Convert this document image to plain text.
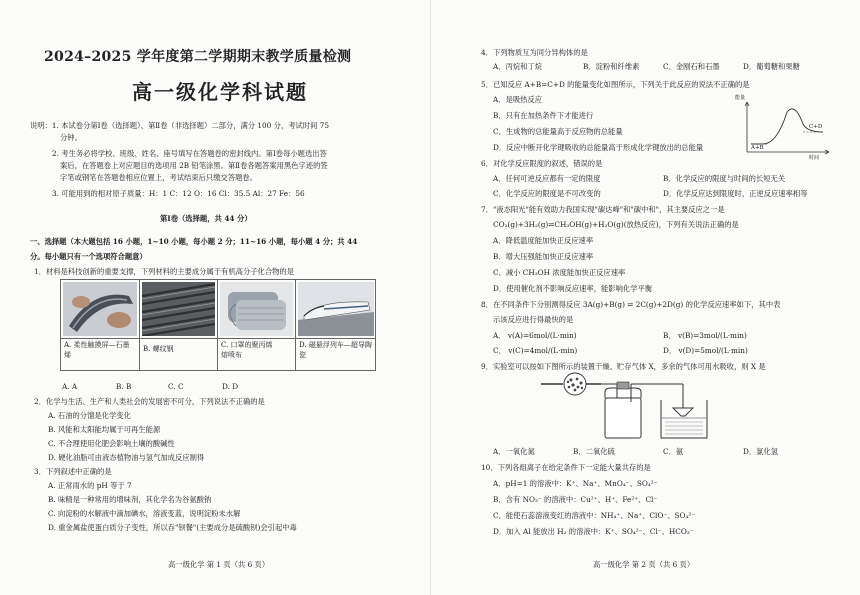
2024–2025 学年度第二学期期末教学质量检测
高一级化学科试题
说明：1. 本试卷分第Ⅰ卷（选择题）、第Ⅱ卷（非选择题）二部分，满分 100 分，考试时间 75
分钟。
2. 考生务必将学校、班级、姓名、座号填写在答题卷的密封线内。第Ⅰ卷每小题选出答
案后，在答题卷上对应题目的选项用 2B 铅笔涂黑。第Ⅱ卷各题答案用黑色字迹的签
字笔或钢笔在答题卷相应位置上，考试结束后只缴交答题卷。
3. 可能用到的相对原子质量：H：1 C：12 O：16 Cl：35.5 Al：27 Fe：56
第Ⅰ卷（选择题，共 44 分）
一、选择题（本大题包括 16 小题，1~10 小题，每小题 2 分；11~16 小题，每小题 4 分；共 44
分。每小题只有一个选项符合题意）
1．材料是科技创新的重要支撑，下列材料的主要成分属于有机高分子化合物的是
A. 柔性触摸屏—石墨
烯
B. 螺纹钢	C. 口罩的聚丙烯
熔喷布
D. 磁悬浮列车—超导陶
瓷
A. A	B. B	C. C	D. D
2．化学与生活、生产和人类社会的发展密不可分，下列说法不正确的是
A. 石油的分馏是化学变化
B. 风能和太阳能均属于可再生能源
C. 不合理使用化肥会影响土壤的酸碱性
D. 硬化油脂可由液态植物油与氢气加成反应制得
3．下列叙述中正确的是
A. 正常雨水的 pH 等于 7
B. 味精是一种常用的增味剂，其化学名为谷氨酸钠
C. 向淀粉的水解液中滴加碘水，溶液变蓝，说明淀粉未水解
D. 重金属盐使蛋白质分子变性，所以吞"钡餐"(主要成分是硫酸钡)会引起中毒
高一级化学 第 1 页（共 6 页）
4．下列物质互为同分异构体的是
A．丙烷和丁烷	B．淀粉和纤维素	C．金刚石和石墨	D．葡萄糖和果糖
5．已知反应 A+B=C+D 的能量变化如图所示，下列关于此反应的说法不正确的是
A．是吸热反应
B．只有在加热条件下才能进行
C．生成物的总能量高于反应物的总能量
D．反应中断开化学键吸收的总能量高于形成化学键放出的总能量
能量
时间
A+B
C+D
6．对化学反应限度的叙述，错误的是
A．任何可逆反应都有一定的限度	B．化学反应的限度与时间的长短无关
C．化学反应的限度是不可改变的	D．化学反应达到限度时，正逆反应速率相等
7．"液态阳光"能有效助力我国实现"碳达峰"和"碳中和"，其主要反应之一是
CO₂(g)+3H₂(g)⇌CH₃OH(g)+H₂O(g)(放热反应)，下列有关说法正确的是
A．降低温度能加快正反应速率
B．增大压强能加快正反应速率
C．减小 CH₃OH 浓度能加快正反应速率
D．使用催化剂不影响反应速率，能影响化学平衡
8．在不同条件下分别测得反应 3A(g)+B(g) ⇌ 2C(g)+2D(g) 的化学反应速率如下，其中表
示该反应进行得最快的是
A． v(A)=6mol/(L·min)	B． v(B)=3mol/(L·min)
C． v(C)=4mol/(L·min)	D． v(D)=5mol/(L·min)
9．实验室可以按如下图所示的装置干燥、贮存气体 X，多余的气体可用水吸收，则 X 是
A．一氧化氮	B．二氧化硫	C．氨	D．氯化氢
10．下列各组离子在给定条件下一定能大量共存的是
A．pH=1 的溶液中：K⁺、Na⁺、MnO₄⁻、SO₄²⁻
B．含有 NO₃⁻ 的溶液中：Cu²⁺、H⁺、Fe²⁺、Cl⁻
C．能使石蕊溶液变红的溶液中：NH₄⁺、Na⁺、ClO⁻、SO₄²⁻
D．加入 Al 能放出 H₂ 的溶液中：K⁺、SO₄²⁻、Cl⁻、HCO₃⁻
高一级化学 第 2 页（共 6 页）
